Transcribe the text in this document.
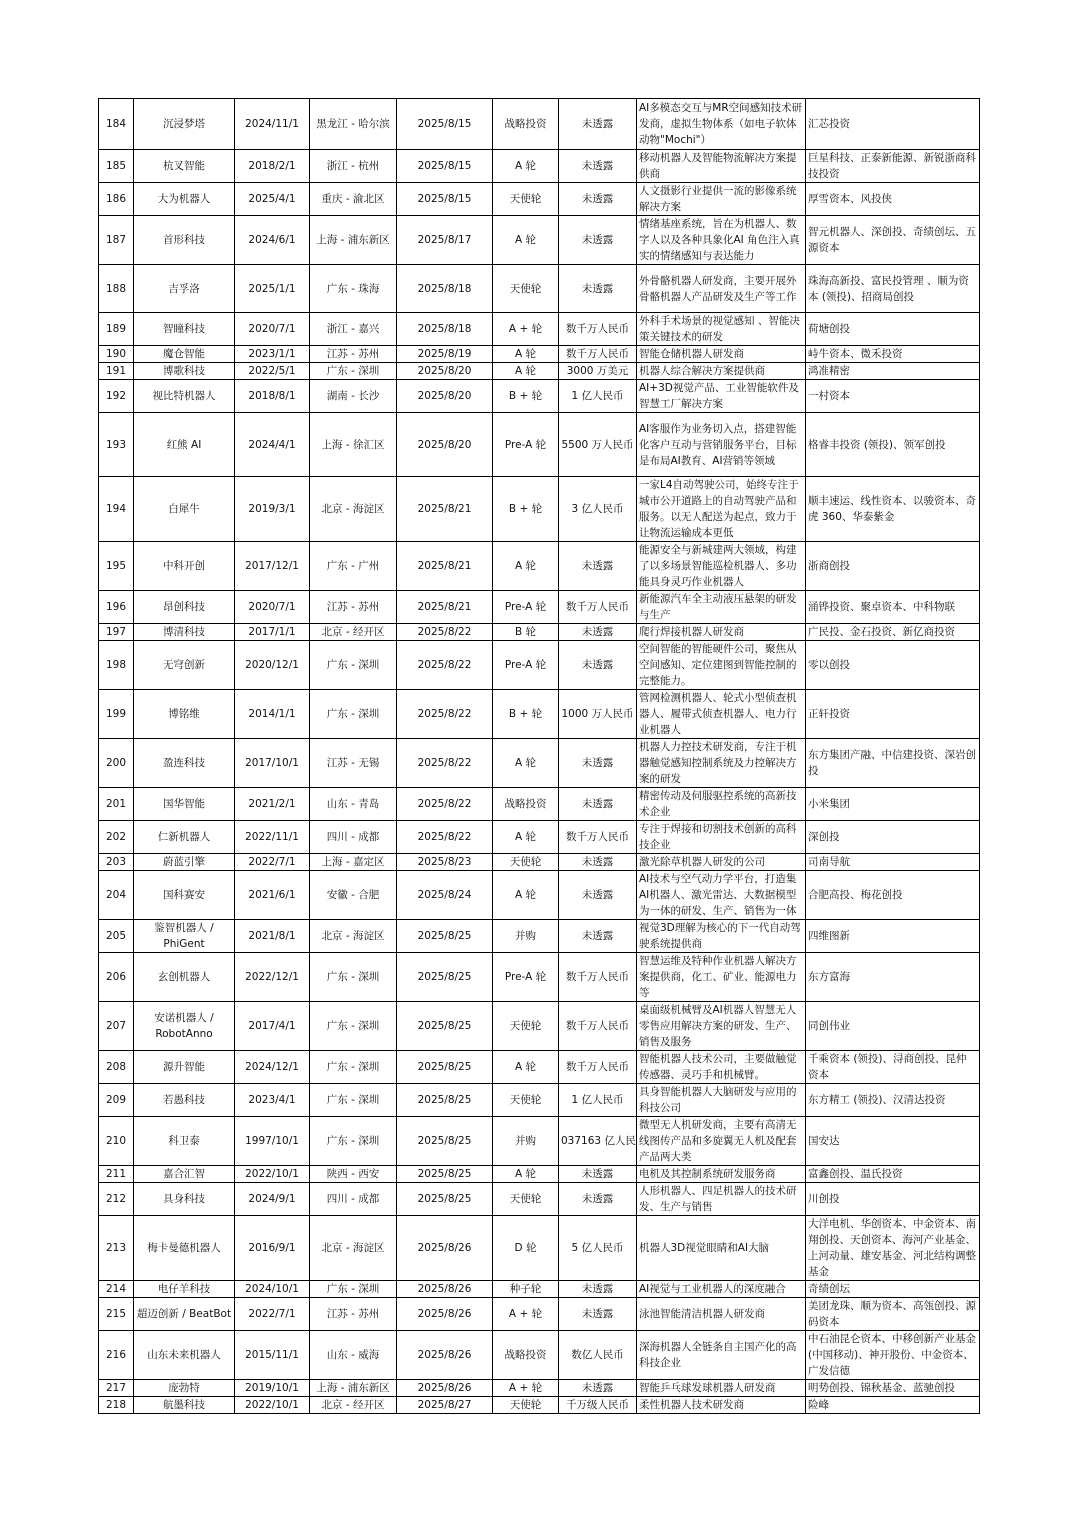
184	沉浸梦塔	2024/11/1	黑龙江 - 哈尔滨	2025/8/15	战略投资	未透露	AI多模态交互与MR空间感知技术研发商，虚拟生物体系（如电子软体动物"Mochi"）	汇芯投资
185	杭叉智能	2018/2/1	浙江 - 杭州	2025/8/15	A 轮	未透露	移动机器人及智能物流解决方案提供商	巨星科技、正泰新能源、新锐浙商科技投资
186	大为机器人	2025/4/1	重庆 - 渝北区	2025/8/15	天使轮	未透露	人文摄影行业提供一流的影像系统解决方案	厚雪资本、风投侠
187	首形科技	2024/6/1	上海 - 浦东新区	2025/8/17	A 轮	未透露	情绪基座系统，旨在为机器人、数字人以及各种具象化AI 角色注入真实的情绪感知与表达能力	智元机器人、深创投、奇绩创坛、五源资本
188	吉孚洛	2025/1/1	广东 - 珠海	2025/8/18	天使轮	未透露	外骨骼机器人研发商，主要开展外骨骼机器人产品研发及生产等工作	珠海高新投、富民投管理 、顺为资本 (领投)、招商局创投
189	智瞳科技	2020/7/1	浙江 - 嘉兴	2025/8/18	A + 轮	数千万人民币	外科手术场景的视觉感知 、智能决策关键技术的研发	荷塘创投
190	魔仓智能	2023/1/1	江苏 - 苏州	2025/8/19	A 轮	数千万人民币	智能仓储机器人研发商	峙牛资本、微禾投资
191	博歌科技	2022/5/1	广东 - 深圳	2025/8/20	A 轮	3000 万美元	机器人综合解决方案提供商	鸿准精密
192	视比特机器人	2018/8/1	湖南 - 长沙	2025/8/20	B + 轮	1 亿人民币	AI+3D视觉产品、工业智能软件及智慧工厂解决方案	一村资本
193	红熊 AI	2024/4/1	上海 - 徐汇区	2025/8/20	Pre-A 轮	5500 万人民币	AI客服作为业务切入点，搭建智能化客户互动与营销服务平台，目标是布局AI教育、AI营销等领域	格睿丰投资 (领投)、领军创投
194	白犀牛	2019/3/1	北京 - 海淀区	2025/8/21	B + 轮	3 亿人民币	一家L4自动驾驶公司，始终专注于城市公开道路上的自动驾驶产品和服务。以无人配送为起点，致力于让物流运输成本更低	顺丰速运、线性资本、以骏资本、奇虎 360、华泰紫金
195	中科开创	2017/12/1	广东 - 广州	2025/8/21	A 轮	未透露	能源安全与新城建两大领域，构建了以多场景智能巡检机器人、多功能具身灵巧作业机器人	浙商创投
196	昂创科技	2020/7/1	江苏 - 苏州	2025/8/21	Pre-A 轮	数千万人民币	新能源汽车全主动液压悬架的研发与生产	涌铧投资、聚卓资本、中科物联
197	博清科技	2017/1/1	北京 - 经开区	2025/8/22	B 轮	未透露	爬行焊接机器人研发商	广民投、金石投资、新亿商投资
198	无穹创新	2020/12/1	广东 - 深圳	2025/8/22	Pre-A 轮	未透露	空间智能的智能硬件公司，聚焦从空间感知、定位建图到智能控制的完整能力。	零以创投
199	博铭维	2014/1/1	广东 - 深圳	2025/8/22	B + 轮	1000 万人民币	管网检测机器人、轮式小型侦查机器人、履带式侦查机器人、电力行业机器人	正轩投资
200	盈连科技	2017/10/1	江苏 - 无锡	2025/8/22	A 轮	未透露	机器人力控技术研发商，专注于机器触觉感知控制系统及力控解决方案的研发	东方集团产融、中信建投资、深岩创投
201	国华智能	2021/2/1	山东 - 青岛	2025/8/22	战略投资	未透露	精密传动及伺服驱控系统的高新技术企业	小米集团
202	仁新机器人	2022/11/1	四川 - 成都	2025/8/22	A 轮	数千万人民币	专注于焊接和切割技术创新的高科技企业	深创投
203	蔚蓝引擎	2022/7/1	上海 - 嘉定区	2025/8/23	天使轮	未透露	激光除草机器人研发的公司	司南导航
204	国科赛安	2021/6/1	安徽 - 合肥	2025/8/24	A 轮	未透露	AI技术与空气动力学平台，打造集AI机器人、激光雷达、大数据模型为一体的研发、生产、销售为一体	合肥高投、梅花创投
205	鉴智机器人 / PhiGent	2021/8/1	北京 - 海淀区	2025/8/25	并购	未透露	视觉3D理解为核心的下一代自动驾驶系统提供商	四维图新
206	玄创机器人	2022/12/1	广东 - 深圳	2025/8/25	Pre-A 轮	数千万人民币	智慧运维及特种作业机器人解决方案提供商，化工、矿业、能源电力等	东方富海
207	安诺机器人 / RobotAnno	2017/4/1	广东 - 深圳	2025/8/25	天使轮	数千万人民币	桌面级机械臂及AI机器人智慧无人零售应用解决方案的研发、生产、销售及服务	同创伟业
208	源升智能	2024/12/1	广东 - 深圳	2025/8/25	A 轮	数千万人民币	智能机器人技术公司，主要做触觉传感器、灵巧手和机械臂。	千乘资本 (领投)、浔商创投、昆仲资本
209	若愚科技	2023/4/1	广东 - 深圳	2025/8/25	天使轮	1 亿人民币	具身智能机器人大脑研发与应用的科技公司	东方精工 (领投)、汉清达投资
210	科卫泰	1997/10/1	广东 - 深圳	2025/8/25	并购	037163 亿人民	微型无人机研发商，主要有高清无线图传产品和多旋翼无人机及配套产品两大类	国安达
211	嘉合汇智	2022/10/1	陕西 - 西安	2025/8/25	A 轮	未透露	电机及其控制系统研发服务商	富鑫创投、温氏投资
212	具身科技	2024/9/1	四川 - 成都	2025/8/25	天使轮	未透露	人形机器人、四足机器人的技术研发、生产与销售	川创投
213	梅卡曼德机器人	2016/9/1	北京 - 海淀区	2025/8/26	D 轮	5 亿人民币	机器人3D视觉眼睛和AI大脑	大洋电机、华创资本、中金资本、南翔创投、天创资本、海河产业基金、上河动量、雄安基金、河北结构调整基金
214	电仔羊科技	2024/10/1	广东 - 深圳	2025/8/26	种子轮	未透露	AI视觉与工业机器人的深度融合	奇绩创坛
215	超迈创新 / BeatBot	2022/7/1	江苏 - 苏州	2025/8/26	A + 轮	未透露	泳池智能清洁机器人研发商	美团龙珠、顺为资本、高瓴创投、源码资本
216	山东未来机器人	2015/11/1	山东 - 威海	2025/8/26	战略投资	数亿人民币	深海机器人全链条自主国产化的高科技企业	中石油昆仑资本、中移创新产业基金 (中国移动)、神开股份、中金资本、广发信德
217	庞勃特	2019/10/1	上海 - 浦东新区	2025/8/26	A + 轮	未透露	智能乒乓球发球机器人研发商	明势创投、锦秋基金、蓝驰创投
218	航墨科技	2022/10/1	北京 - 经开区	2025/8/27	天使轮	千万级人民币	柔性机器人技术研发商	险峰
